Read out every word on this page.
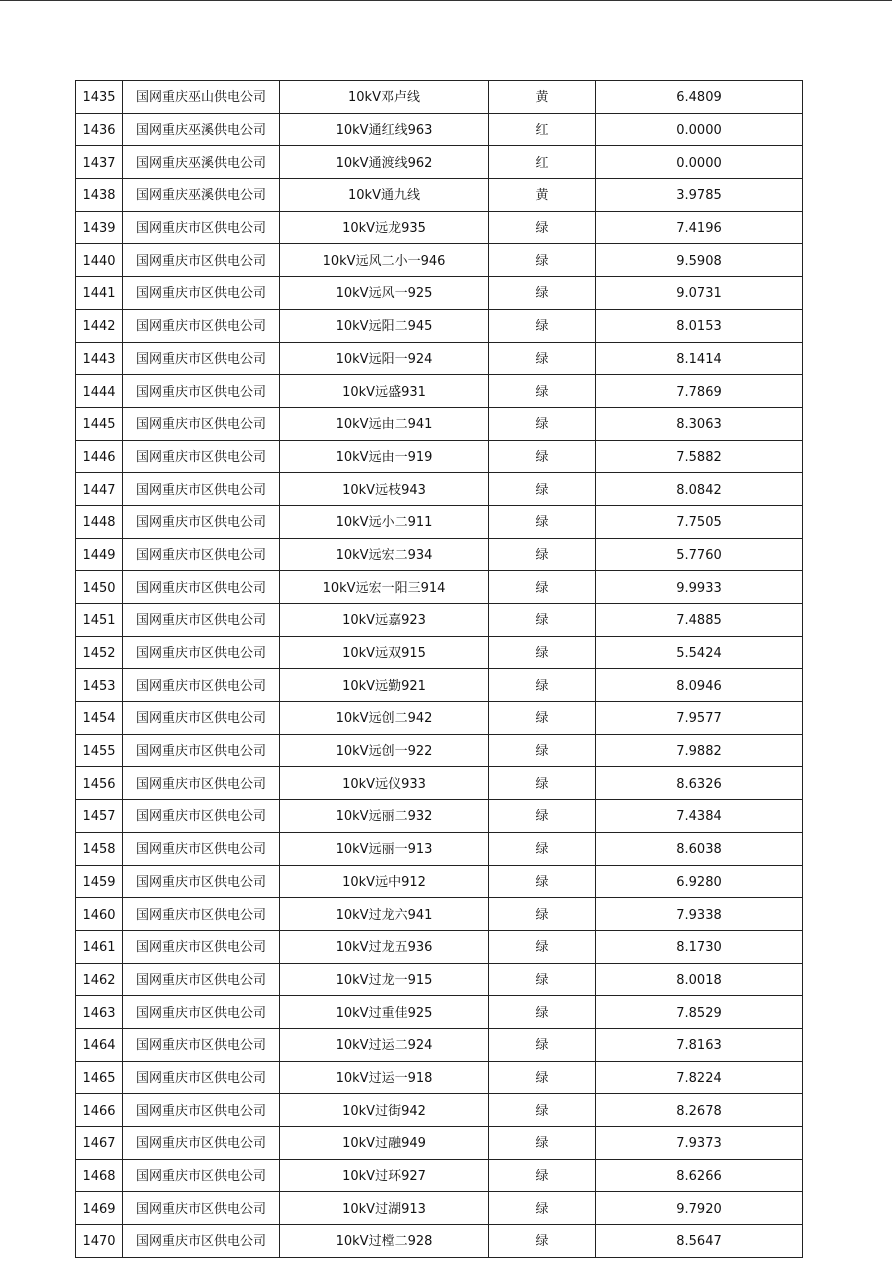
1435	国网重庆巫山供电公司	10kV邓卢线	黄	6.4809
1436	国网重庆巫溪供电公司	10kV通红线963	红	0.0000
1437	国网重庆巫溪供电公司	10kV通渡线962	红	0.0000
1438	国网重庆巫溪供电公司	10kV通九线	黄	3.9785
1439	国网重庆市区供电公司	10kV远龙935	绿	7.4196
1440	国网重庆市区供电公司	10kV远风二小一946	绿	9.5908
1441	国网重庆市区供电公司	10kV远风一925	绿	9.0731
1442	国网重庆市区供电公司	10kV远阳二945	绿	8.0153
1443	国网重庆市区供电公司	10kV远阳一924	绿	8.1414
1444	国网重庆市区供电公司	10kV远盛931	绿	7.7869
1445	国网重庆市区供电公司	10kV远由二941	绿	8.3063
1446	国网重庆市区供电公司	10kV远由一919	绿	7.5882
1447	国网重庆市区供电公司	10kV远枝943	绿	8.0842
1448	国网重庆市区供电公司	10kV远小二911	绿	7.7505
1449	国网重庆市区供电公司	10kV远宏二934	绿	5.7760
1450	国网重庆市区供电公司	10kV远宏一阳三914	绿	9.9933
1451	国网重庆市区供电公司	10kV远嘉923	绿	7.4885
1452	国网重庆市区供电公司	10kV远双915	绿	5.5424
1453	国网重庆市区供电公司	10kV远勤921	绿	8.0946
1454	国网重庆市区供电公司	10kV远创二942	绿	7.9577
1455	国网重庆市区供电公司	10kV远创一922	绿	7.9882
1456	国网重庆市区供电公司	10kV远仪933	绿	8.6326
1457	国网重庆市区供电公司	10kV远丽二932	绿	7.4384
1458	国网重庆市区供电公司	10kV远丽一913	绿	8.6038
1459	国网重庆市区供电公司	10kV远中912	绿	6.9280
1460	国网重庆市区供电公司	10kV过龙六941	绿	7.9338
1461	国网重庆市区供电公司	10kV过龙五936	绿	8.1730
1462	国网重庆市区供电公司	10kV过龙一915	绿	8.0018
1463	国网重庆市区供电公司	10kV过重佳925	绿	7.8529
1464	国网重庆市区供电公司	10kV过运二924	绿	7.8163
1465	国网重庆市区供电公司	10kV过运一918	绿	7.8224
1466	国网重庆市区供电公司	10kV过街942	绿	8.2678
1467	国网重庆市区供电公司	10kV过融949	绿	7.9373
1468	国网重庆市区供电公司	10kV过环927	绿	8.6266
1469	国网重庆市区供电公司	10kV过湖913	绿	9.7920
1470	国网重庆市区供电公司	10kV过樘二928	绿	8.5647
